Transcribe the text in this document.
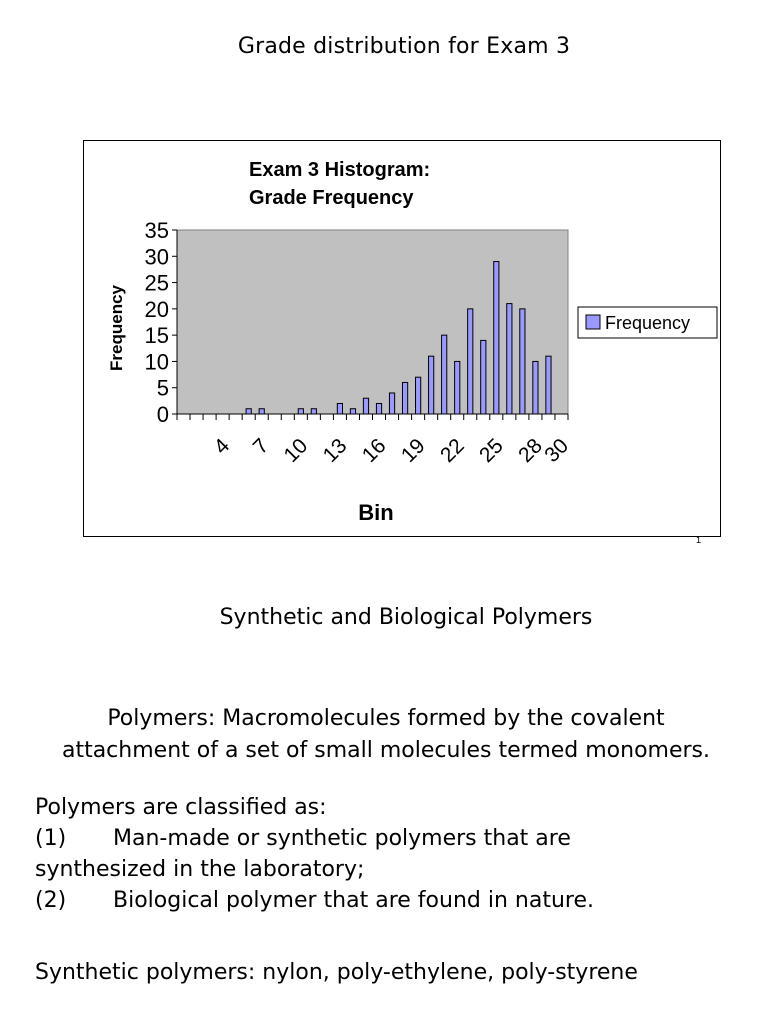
Grade distribution for Exam 3
Exam 3 Histogram:
Grade Frequency
0
5
10
15
20
25
30
35
4 7 10 13 16 19 22 25 28
30
Bin
Frequency	Frequency
1
Synthetic and Biological Polymers
Polymers: Macromolecules formed by the covalent
attachment of a set of small molecules termed monomers.
Polymers are classified as:
(1) Man-made or synthetic polymers that are
synthesized in the laboratory;
(2) Biological polymer that are found in nature.
Synthetic polymers: nylon, poly-ethylene, poly-styrene
